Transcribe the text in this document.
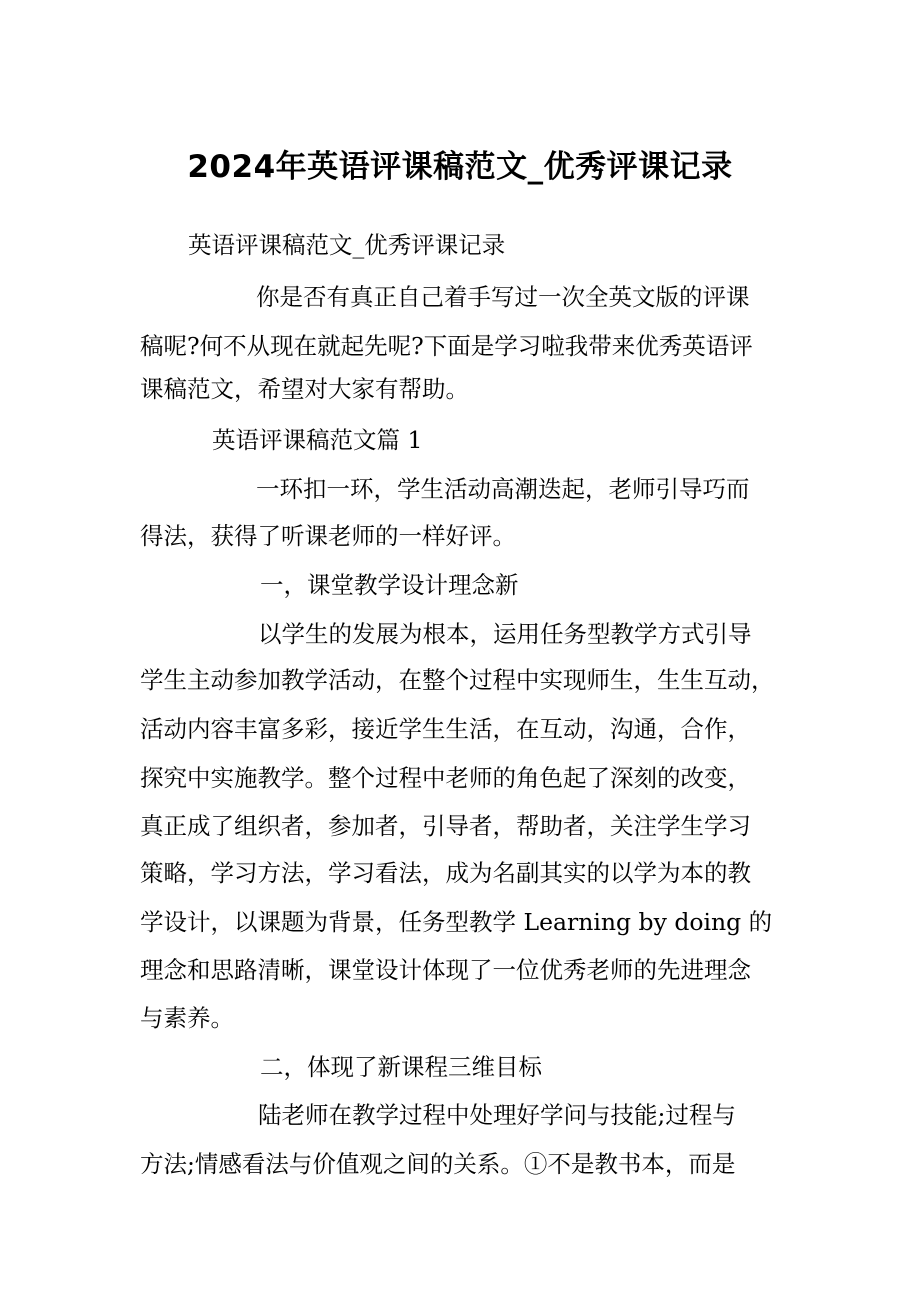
2024年英语评课稿范文_优秀评课记录

英语评课稿范文_优秀评课记录

你是否有真正自己着手写过一次全英文版的评课

稿呢?何不从现在就起先呢?下面是学习啦我带来优秀英语评

课稿范文，希望对大家有帮助。

英语评课稿范文篇 1

一环扣一环，学生活动高潮迭起，老师引导巧而

得法，获得了听课老师的一样好评。

一，课堂教学设计理念新

以学生的发展为根本，运用任务型教学方式引导

学生主动参加教学活动，在整个过程中实现师生，生生互动，

活动内容丰富多彩，接近学生生活，在互动，沟通，合作，

探究中实施教学。整个过程中老师的角色起了深刻的改变，

真正成了组织者，参加者，引导者，帮助者，关注学生学习

策略，学习方法，学习看法，成为名副其实的以学为本的教

学设计，以课题为背景，任务型教学 Learning by doing 的

理念和思路清晰，课堂设计体现了一位优秀老师的先进理念

与素养。

二，体现了新课程三维目标

陆老师在教学过程中处理好学问与技能;过程与

方法;情感看法与价值观之间的关系。①不是教书本，而是
